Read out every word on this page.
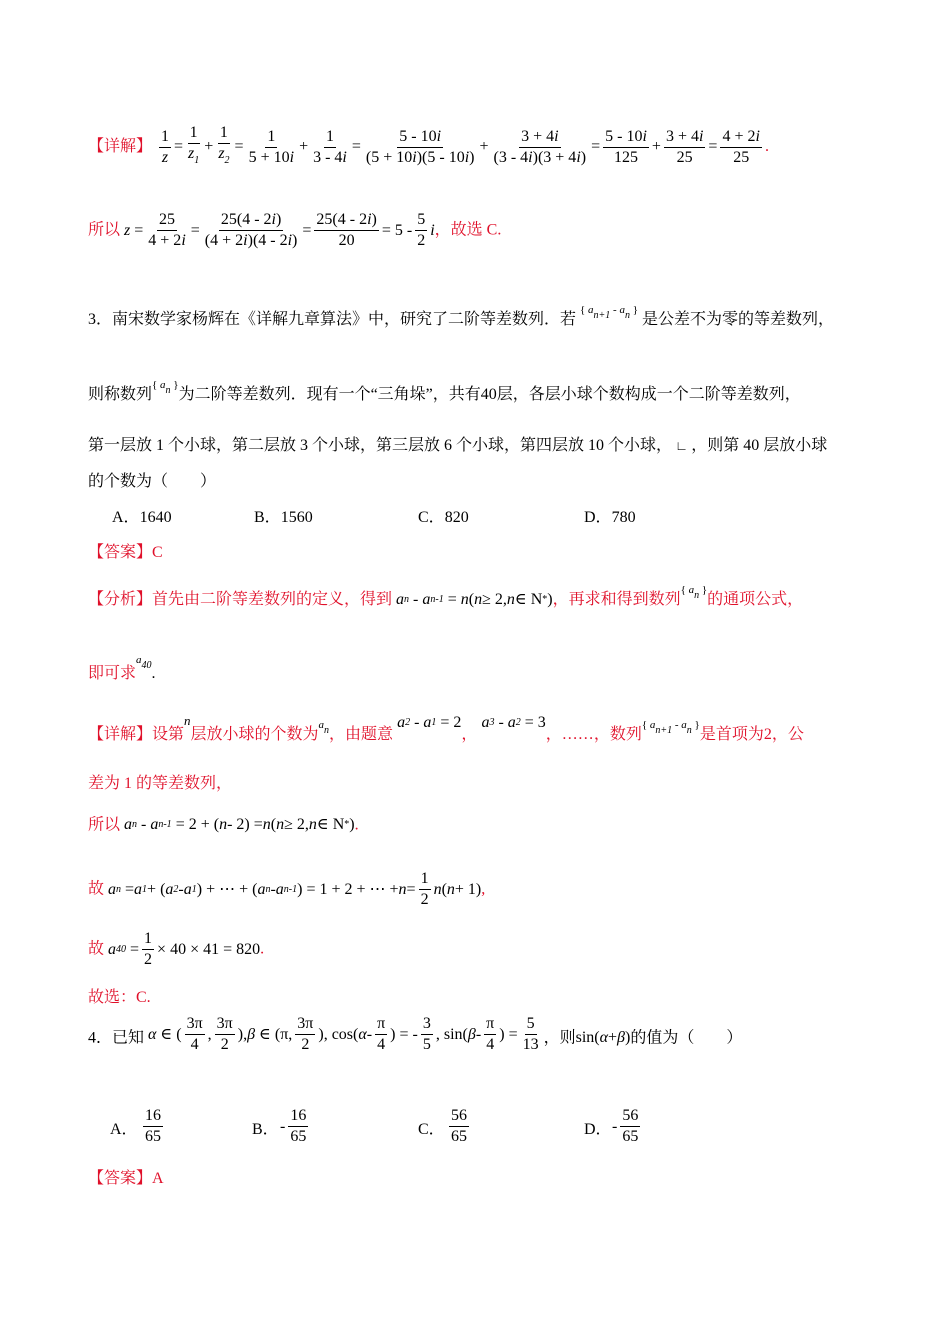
【详解】 $\frac{1}{z} = \frac{1}{z_1} + \frac{1}{z_2} = \frac{1}{5 + 10i} + \frac{1}{3 - 4i} = \frac{5 - 10i}{(5 + 10i)(5 - 10i)} + \frac{3 + 4i}{(3 - 4i)(3 + 4i)} = \frac{5 - 10i}{125} + \frac{3 + 4i}{25} = \frac{4 + 2i}{25}$ .
所以 $z = \frac{25}{4 + 2i} = \frac{25(4 - 2i)}{(4 + 2i)(4 - 2i)} = \frac{25(4 - 2i)}{20} = 5 - \frac{5}{2}$ i ，故选 C.
3．南宋数学家杨辉在《详解九章算法》中，研究了二阶等差数列．若 { an+1 - an } 是公差不为零的等差数列，
则称数列{ an }为二阶等差数列．现有一个“三角垛”，共有40层，各层小球个数构成一个二阶等差数列，
第一层放 1 个小球，第二层放 3 个小球，第三层放 6 个小球，第四层放 10 个小球， ∟ ，则第 40 层放小球
的个数为（　　）
A．1640	B．1560	C．820	D．780
【答案】C
【分析】首先由二阶等差数列的定义，得到 a n - a n-1 = n ( n ≥ 2, n ∈ N * )，再求和得到数列{ an }的通项公式，
即可求a40.
【详解】设第n层放小球的个数为an，由题意
a 2 - a 1 = 2，
a 3 - a 2 = 3，……，数列{ an+1 - an }是首项为2，公
差为 1 的等差数列，
所以 a n - a n-1 = 2 + ( n - 2) = n ( n ≥ 2, n ∈ N * ).
故 a n = a 1 + ( a 2 - a 1 ) + ⋯ + ( a n - a n-1 ) = 1 + 2 + ⋯ + $n = \frac{1}{2}$ n ( n + 1),
故 a $40 = \frac{1}{2} \times 40 \times 41 = 820$.
故选：C.
4．已知 α ∈ ( $\frac{3\pi}{4}$ , $\frac{3\pi}{2}$ ), β ∈ (π, $\frac{3\pi}{2}$ ), cos( α - $\frac{\pi}{4}$ ) = - $\frac{3}{5}$ , sin( β - $\frac{\pi}{4}$ ) = $\frac{5}{13}$ ，则sin( α + β )的值为（　　）
A． $\frac{16}{65}$	B． - $\frac{16}{65}$	C． $\frac{56}{65}$	D． - $\frac{56}{65}$
【答案】A
